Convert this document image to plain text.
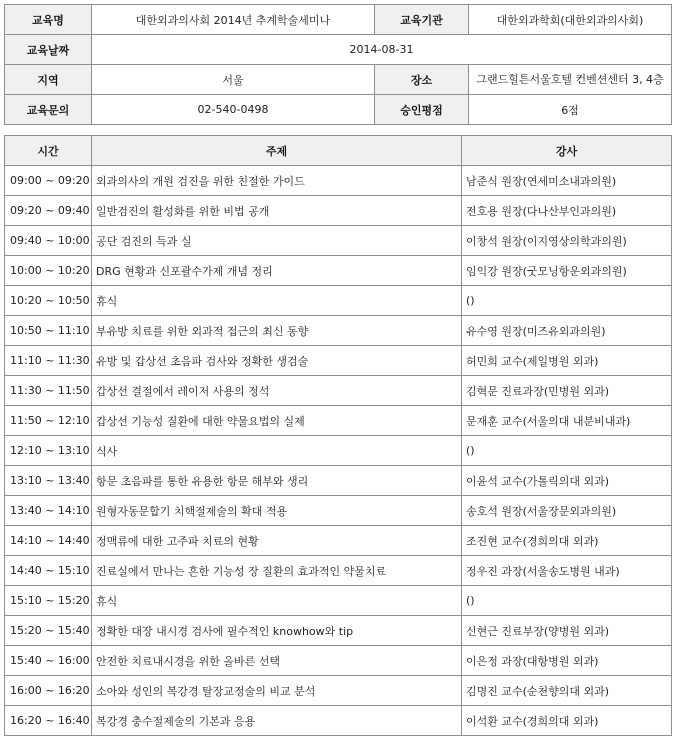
교육명	대한외과의사회 2014년 추계학술세미나	교육기관	대한외과학회(대한외과의사회)
교육날짜	2014-08-31		
지역	서울	장소	그랜드힐튼서울호텔 컨벤션센터 3, 4층
교육문의	02-540-0498	승인평점	6점
시간	주제	강사
09:00 ~ 09:20	외과의사의 개원 검진을 위한 친절한 가이드	남준식 원장(연세미소내과의원)
09:20 ~ 09:40	일반검진의 활성화를 위한 비법 공개	전호용 원장(다나산부인과의원)
09:40 ~ 10:00	공단 검진의 득과 실	이창석 원장(이지영상의학과의원)
10:00 ~ 10:20	DRG 현황과 신포괄수가제 개념 정리	임익강 원장(굿모닝항운외과의원)
10:20 ~ 10:50	휴식	()
10:50 ~ 11:10	부유방 치료를 위한 외과적 접근의 최신 동향	유수영 원장(미즈유외과의원)
11:10 ~ 11:30	유방 및 갑상선 초음파 검사와 정확한 생검술	허민희 교수(제일병원 외과)
11:30 ~ 11:50	갑상선 결절에서 레이저 사용의 정석	김혁문 진료과장(민병원 외과)
11:50 ~ 12:10	갑상선 기능성 질환에 대한 약물요법의 실제	문재훈 교수(서울의대 내분비내과)
12:10 ~ 13:10	식사	()
13:10 ~ 13:40	항문 초음파를 통한 유용한 항문 해부와 생리	이윤석 교수(가톨릭의대 외과)
13:40 ~ 14:10	원형자동문합기 치핵절제술의 확대 적용	송호석 원장(서울장문외과의원)
14:10 ~ 14:40	정맥류에 대한 고주파 치료의 현황	조진현 교수(경희의대 외과)
14:40 ~ 15:10	진료실에서 만나는 흔한 기능성 장 질환의 효과적인 약물치료	정우진 과장(서울송도병원 내과)
15:10 ~ 15:20	휴식	()
15:20 ~ 15:40	정확한 대장 내시경 검사에 필수적인 knowhow와 tip	신현근 진료부장(양병원 외과)
15:40 ~ 16:00	안전한 치료내시경을 위한 올바른 선택	이은정 과장(대항병원 외과)
16:00 ~ 16:20	소아와 성인의 복강경 탈장교정술의 비교 분석	김명진 교수(순천향의대 외과)
16:20 ~ 16:40	복강경 충수절제술의 기본과 응용	이석환 교수(경희의대 외과)
